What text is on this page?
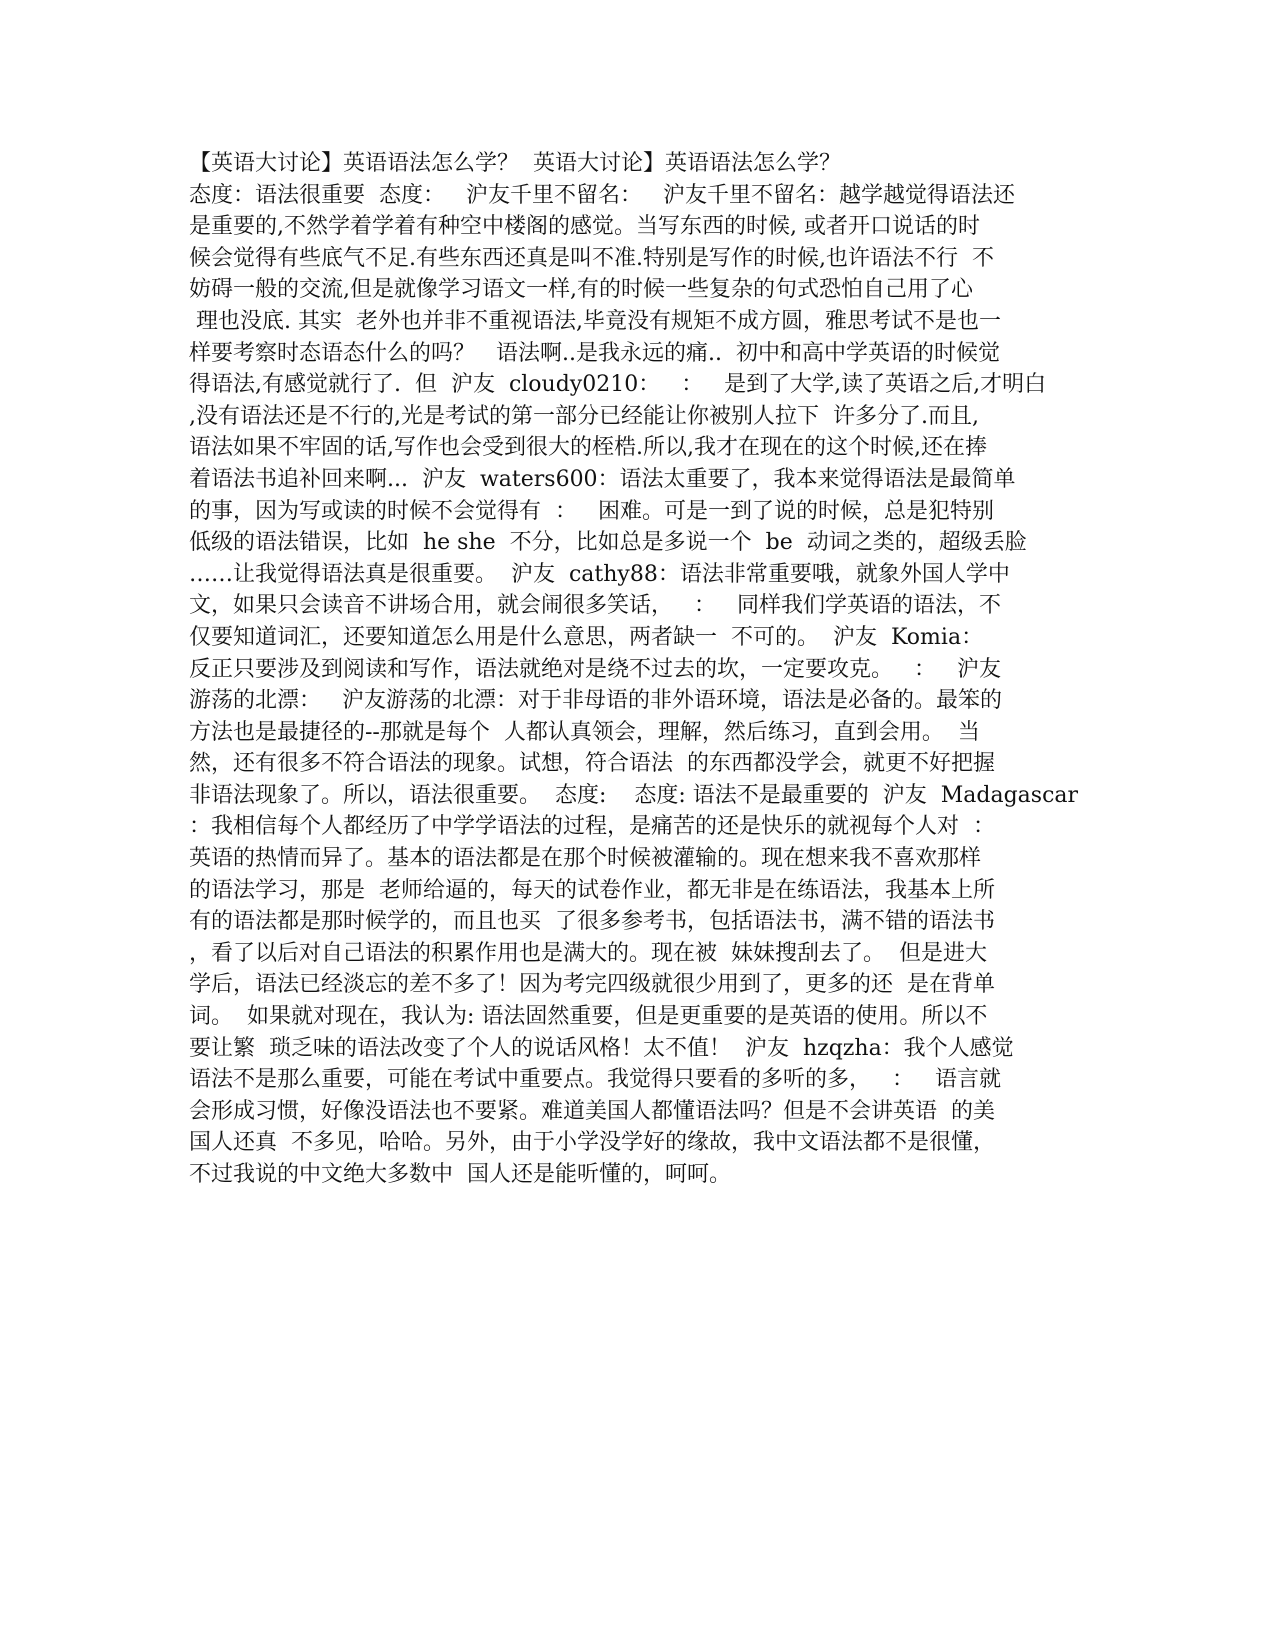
【英语大讨论】英语语法怎么学？  英语大讨论】英语语法怎么学？
态度：语法很重要  态度：   沪友千里不留名：   沪友千里不留名：越学越觉得语法还
是重要的,不然学着学着有种空中楼阁的感觉。当写东西的时候, 或者开口说话的时
候会觉得有些底气不足.有些东西还真是叫不准.特别是写作的时候,也许语法不行  不
妨碍一般的交流,但是就像学习语文一样,有的时候一些复杂的句式恐怕自己用了心
理也没底. 其实  老外也并非不重视语法,毕竟没有规矩不成方圆，雅思考试不是也一
样要考察时态语态什么的吗？   语法啊..是我永远的痛..  初中和高中学英语的时候觉
得语法,有感觉就行了.  但  沪友  cloudy0210：   ：   是到了大学,读了英语之后,才明白
,没有语法还是不行的,光是考试的第一部分已经能让你被别人拉下  许多分了.而且,
语法如果不牢固的话,写作也会受到很大的桎梏.所以,我才在现在的这个时候,还在捧
着语法书追补回来啊...  沪友  waters600：语法太重要了，我本来觉得语法是最简单
的事，因为写或读的时候不会觉得有  ：   困难。可是一到了说的时候，总是犯特别
低级的语法错误，比如  he she  不分，比如总是多说一个  be  动词之类的，超级丢脸
……让我觉得语法真是很重要。  沪友  cathy88：语法非常重要哦，就象外国人学中
文，如果只会读音不讲场合用，就会闹很多笑话，   ：   同样我们学英语的语法，不
仅要知道词汇，还要知道怎么用是什么意思，两者缺一  不可的。  沪友  Komia：
反正只要涉及到阅读和写作，语法就绝对是绕不过去的坎，一定要攻克。   ：   沪友
游荡的北漂：   沪友游荡的北漂：对于非母语的非外语环境，语法是必备的。最笨的
方法也是最捷径的--那就是每个  人都认真领会，理解，然后练习，直到会用。  当
然，还有很多不符合语法的现象。试想，符合语法  的东西都没学会，就更不好把握
非语法现象了。所以，语法很重要。  态度:    态度: 语法不是最重要的  沪友  Madagascar
：我相信每个人都经历了中学学语法的过程，是痛苦的还是快乐的就视每个人对  ：
英语的热情而异了。基本的语法都是在那个时候被灌输的。现在想来我不喜欢那样
的语法学习，那是  老师给逼的，每天的试卷作业，都无非是在练语法，我基本上所
有的语法都是那时候学的，而且也买  了很多参考书，包括语法书，满不错的语法书
，看了以后对自己语法的积累作用也是满大的。现在被  妹妹搜刮去了。  但是进大
学后，语法已经淡忘的差不多了！因为考完四级就很少用到了，更多的还  是在背单
词。  如果就对现在，我认为: 语法固然重要，但是更重要的是英语的使用。所以不
要让繁  琐乏味的语法改变了个人的说话风格！太不值！  沪友  hzqzha：我个人感觉
语法不是那么重要，可能在考试中重要点。我觉得只要看的多听的多，   ：   语言就
会形成习惯，好像没语法也不要紧。难道美国人都懂语法吗？但是不会讲英语  的美
国人还真  不多见，哈哈。另外，由于小学没学好的缘故，我中文语法都不是很懂，
不过我说的中文绝大多数中  国人还是能听懂的，呵呵。
